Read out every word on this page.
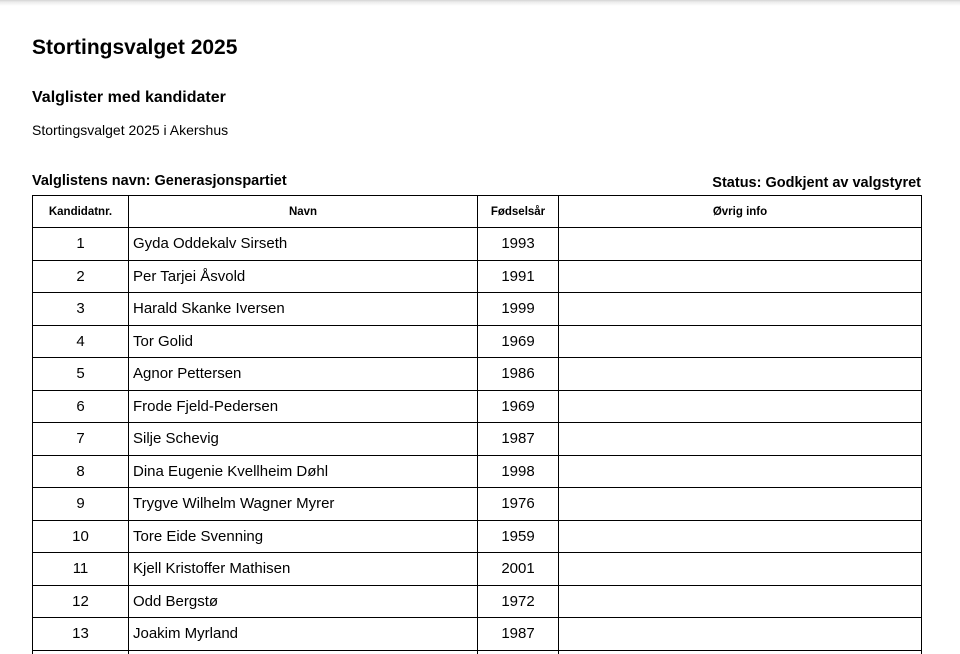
Stortingsvalget 2025
Valglister med kandidater

Stortingsvalget 2025 i Akershus

Valglistens navn: Generasjonspartiet	Status: Godkjent av valgstyret
Kandidatnr.	Navn	Fødselsår	Øvrig info
1	Gyda Oddekalv Sirseth	1993	
2	Per Tarjei Åsvold	1991	
3	Harald Skanke Iversen	1999	
4	Tor Golid	1969	
5	Agnor Pettersen	1986	
6	Frode Fjeld-Pedersen	1969	
7	Silje Schevig	1987	
8	Dina Eugenie Kvellheim Døhl	1998	
9	Trygve Wilhelm Wagner Myrer	1976	
10	Tore Eide Svenning	1959	
11	Kjell Kristoffer Mathisen	2001	
12	Odd Bergstø	1972	
13	Joakim Myrland	1987	
